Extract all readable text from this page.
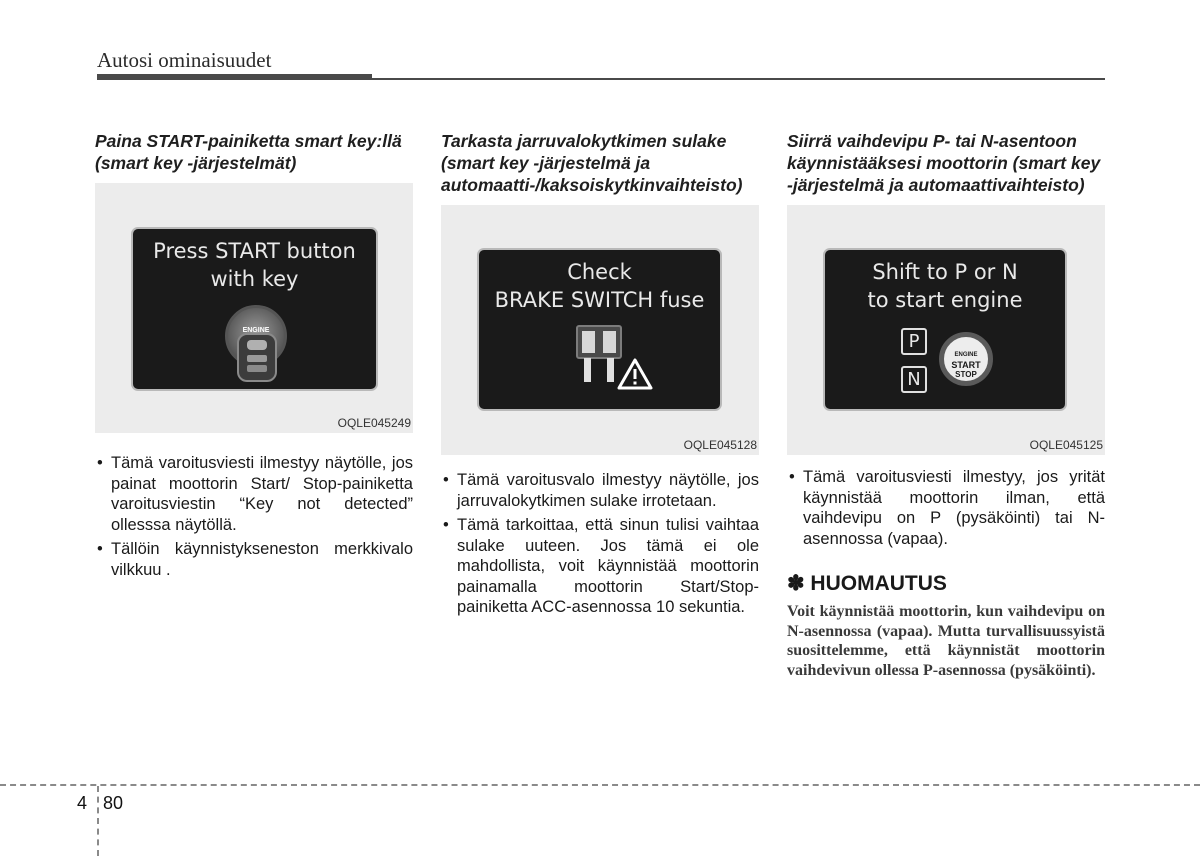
Autosi ominaisuudet

Paina START-painiketta smart key:llä (smart key -järjestelmät)

Press START button
with key
ENGINE
OQLE045249
• Tämä varoitusviesti ilmestyy näytölle, jos painat moottorin Start/ Stop-painiketta varoitusviestin “Key not detected” ollesssa näytöllä.
• Tällöin käynnistykseneston merkkivalo vilkkuu .

Tarkasta jarruvalokytkimen sulake (smart key -järjestelmä ja automaatti-/kaksoiskytkinvaihteisto)

Check
BRAKE SWITCH fuse
OQLE045128
• Tämä varoitusvalo ilmestyy näytölle, jos jarruvalokytkimen sulake irrotetaan.
• Tämä tarkoittaa, että sinun tulisi vaihtaa sulake uuteen. Jos tämä ei ole mahdollista, voit käynnistää moottorin painamalla moottorin Start/Stop-painiketta ACC-asennossa 10 sekuntia.

Siirrä vaihdevipu P- tai N-asentoon käynnistääksesi moottorin (smart key -järjestelmä ja automaattivaihteisto)

Shift to P or N
to start engine
P
N
ENGINE
START
STOP
OQLE045125
• Tämä varoitusviesti ilmestyy, jos yrität käynnistää moottorin ilman, että vaihdevipu on P (pysäköinti) tai N-asennossa (vapaa).
✽ HUOMAUTUS
Voit käynnistää moottorin, kun vaihdevipu on N-asennossa (vapaa). Mutta turvallisuussyistä suosittelemme, että käynnistät moottorin vaihdevivun ollessa P-asennossa (pysäköinti).
4 80
